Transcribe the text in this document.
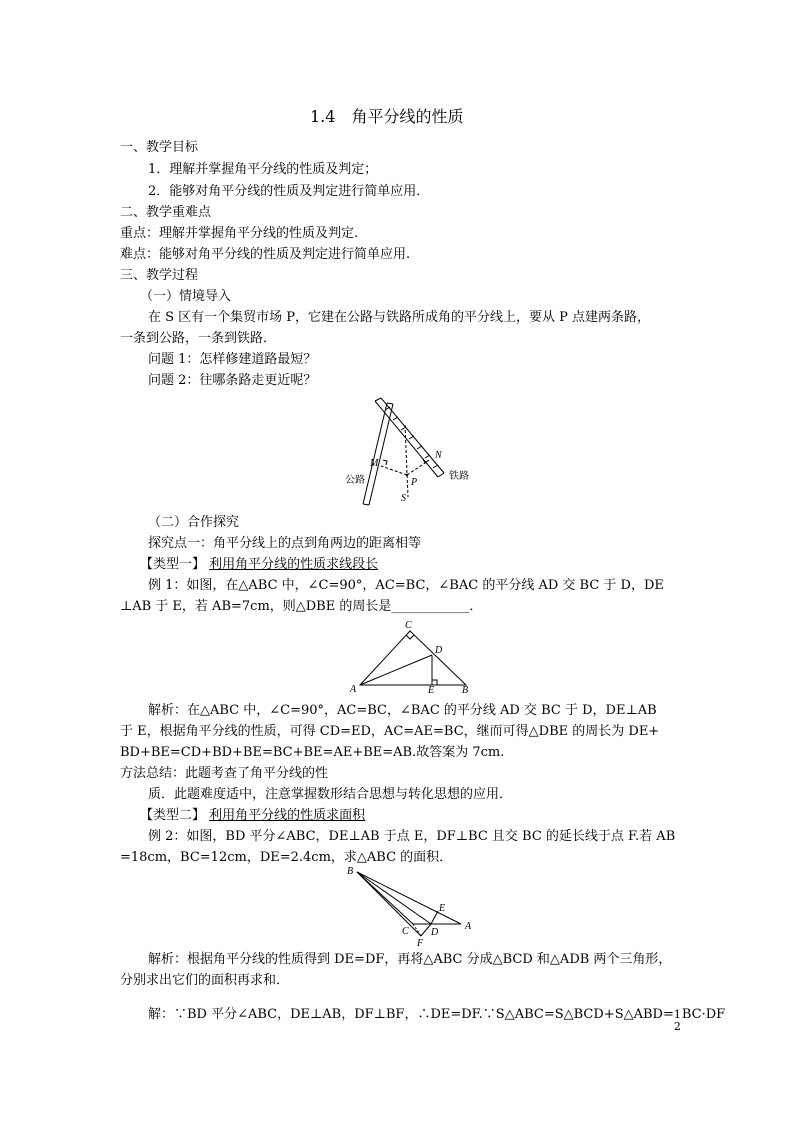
1.4　角平分线的性质
一、教学目标
1．理解并掌握角平分线的性质及判定；
2．能够对角平分线的性质及判定进行简单应用．
二、教学重难点
重点：理解并掌握角平分线的性质及判定.
难点：能够对角平分线的性质及判定进行简单应用.
三、教学过程
（一）情境导入
在 S 区有一个集贸市场 P，它建在公路与铁路所成角的平分线上，要从 P 点建两条路，
一条到公路，一条到铁路．
问题 1：怎样修建道路最短？
问题 2：往哪条路走更近呢？
M
N
P
S
公路	铁路
（二）合作探究
探究点一：角平分线上的点到角两边的距离相等
【类型一】 利用角平分线的性质求线段长
例 1：如图，在△ABC 中，∠C=90°，AC=BC，∠BAC 的平分线 AD 交 BC 于 D，DE
⊥AB 于 E，若 AB=7cm，则△DBE 的周长是____________．
A	B
C
D
E
解析：在△ABC 中，∠C=90°，AC=BC，∠BAC 的平分线 AD 交 BC 于 D，DE⊥AB
于 E，根据角平分线的性质，可得 CD=ED，AC=AE=BC，继而可得△DBE 的周长为 DE+
BD+BE=CD+BD+BE=BC+BE=AE+BE=AB.故答案为 7cm.
方法总结：此题考查了角平分线的性
质．此题难度适中，注意掌握数形结合思想与转化思想的应用．
【类型二】 利用角平分线的性质求面积
例 2：如图，BD 平分∠ABC，DE⊥AB 于点 E，DF⊥BC 且交 BC 的延长线于点 F.若 AB
=18cm，BC=12cm，DE=2.4cm，求△ABC 的面积．
A
B
C D
E
F
解析：根据角平分线的性质得到 DE=DF，再将△ABC 分成△BCD 和△ADB 两个三角形，
分别求出它们的面积再求和．
解：∵BD 平分∠ABC，DE⊥AB，DF⊥BF，∴DE=DF.∵S△ABC=S△BCD+S△ABD= 1
2
BC·DF
